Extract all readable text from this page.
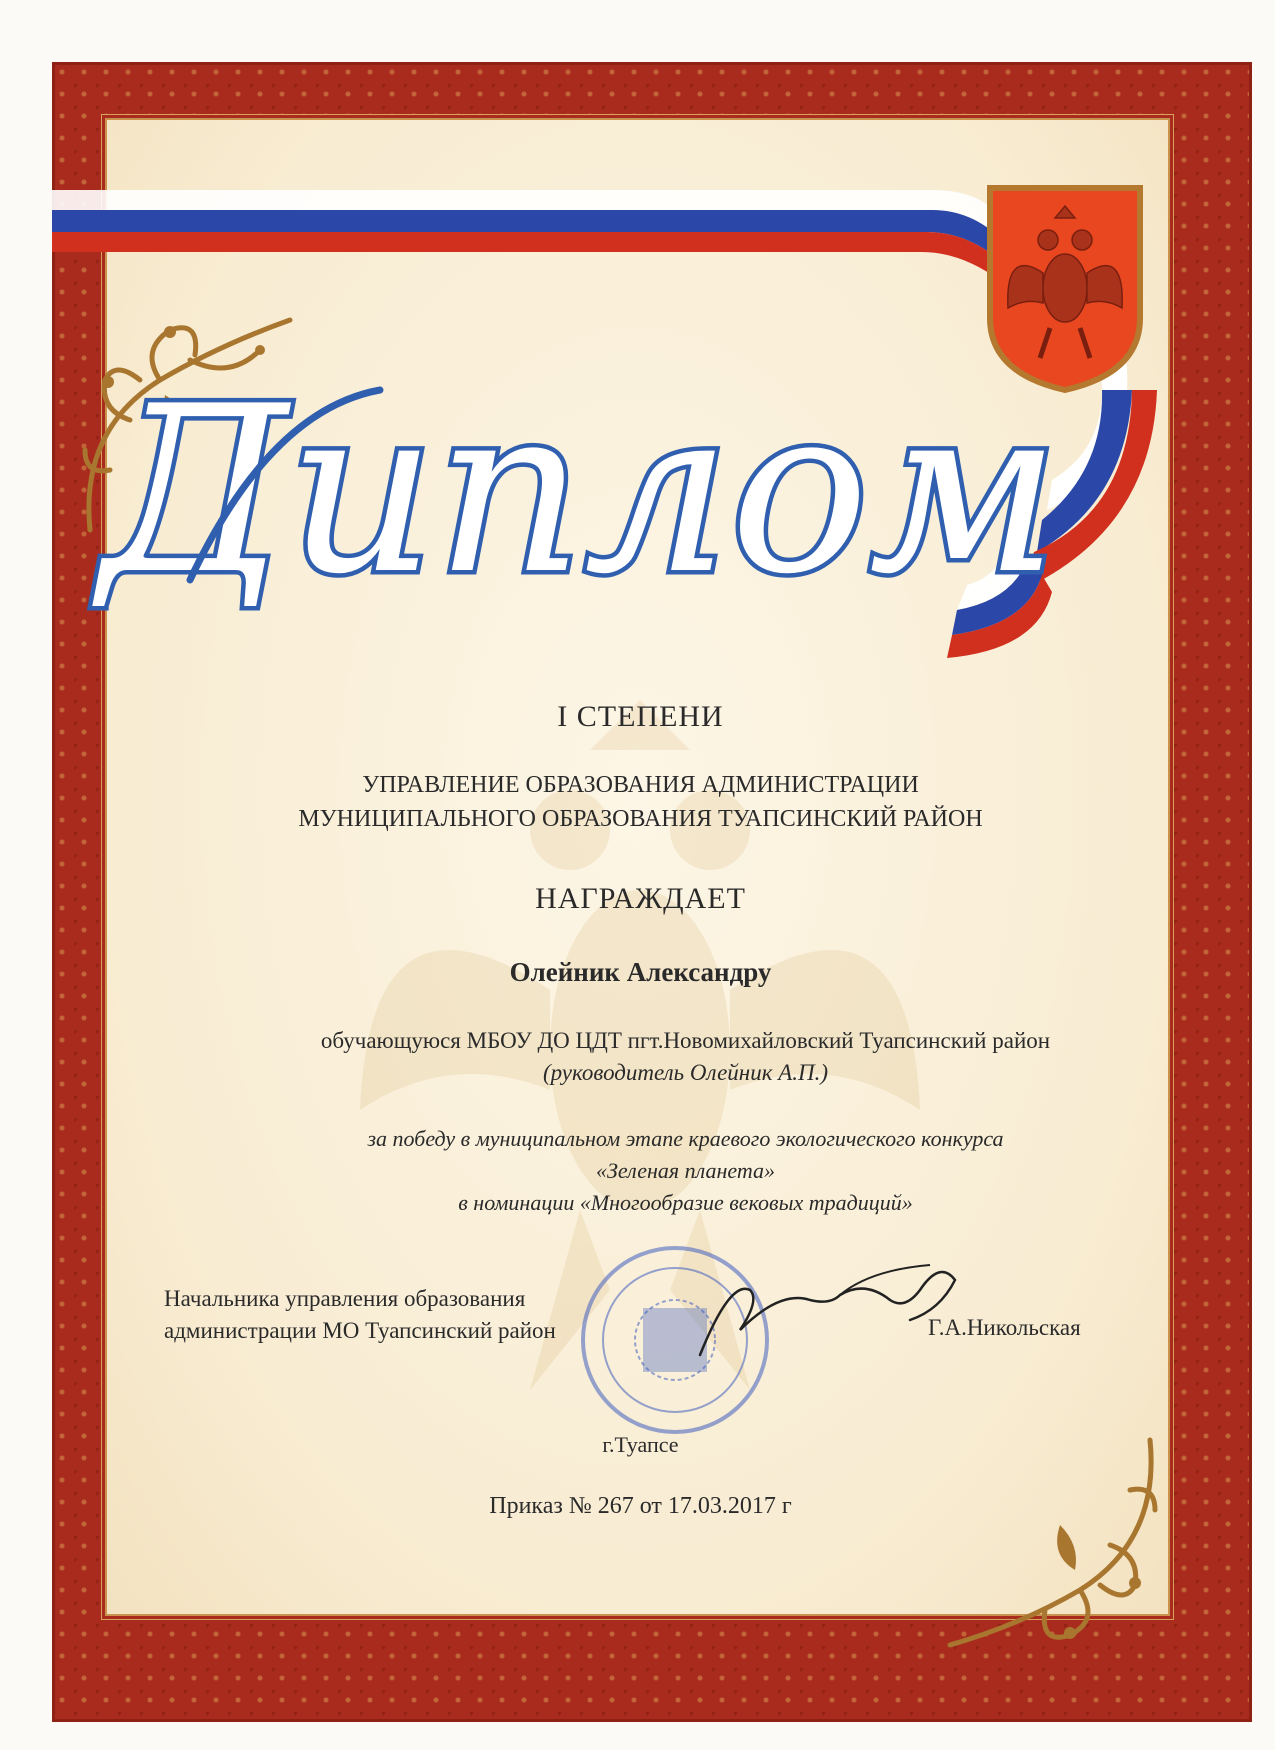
Диплом
I СТЕПЕНИ
УПРАВЛЕНИЕ ОБРАЗОВАНИЯ АДМИНИСТРАЦИИ
МУНИЦИПАЛЬНОГО ОБРАЗОВАНИЯ ТУАПСИНСКИЙ РАЙОН
НАГРАЖДАЕТ
Олейник Александру
обучающуюся МБОУ ДО ЦДТ пгт.Новомихайловский Туапсинский район
(руководитель Олейник А.П.)
за победу в муниципальном этапе краевого экологического конкурса
«Зеленая планета»
в номинации «Многообразие вековых традиций»
Начальника управления образования
администрации МО Туапсинский район	Г.А.Никольская
г.Туапсе
Приказ № 267 от 17.03.2017 г
